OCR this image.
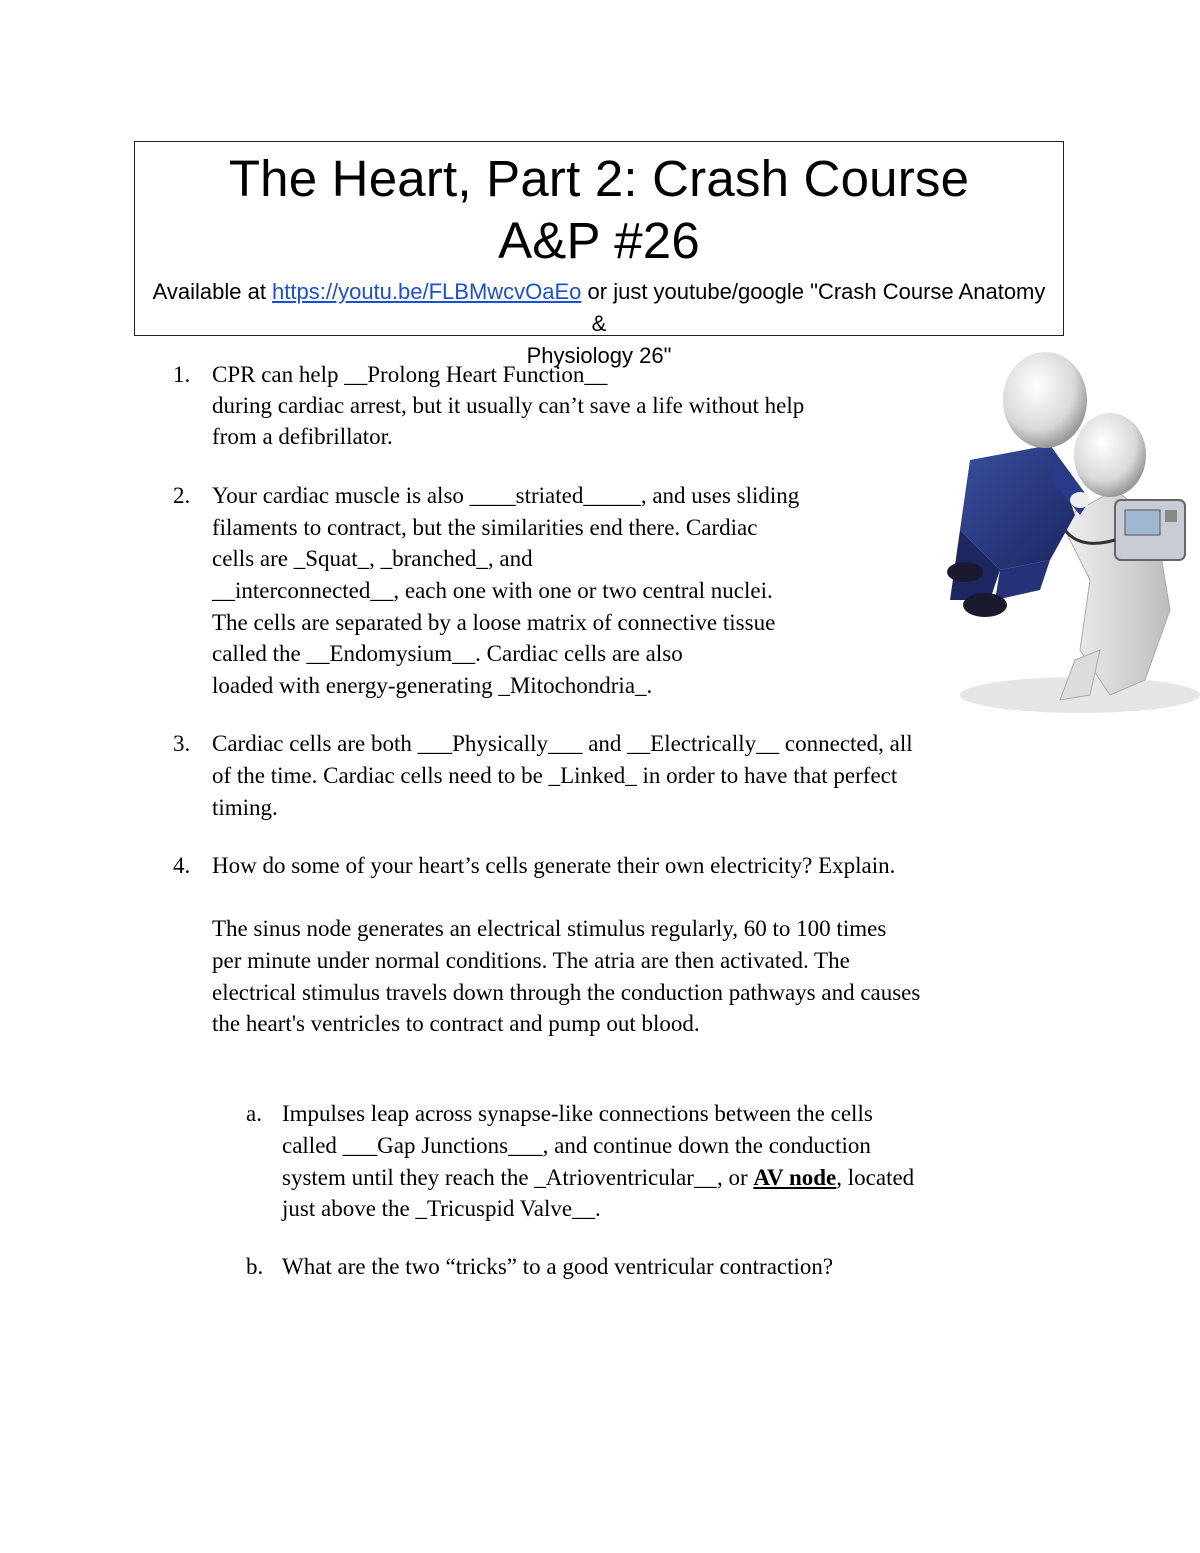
The Heart, Part 2: Crash Course
A&P #26
Available at https://youtu.be/FLBMwcvOaEo or just youtube/google "Crash Course Anatomy &
Physiology 26"
1. CPR can help __Prolong Heart Function__
during cardiac arrest, but it usually can’t save a life without help
from a defibrillator.
2. Your cardiac muscle is also ____striated_____, and uses sliding
filaments to contract, but the similarities end there. Cardiac
cells are _Squat_, _branched_, and
__interconnected__, each one with one or two central nuclei.
The cells are separated by a loose matrix of connective tissue
called the __Endomysium__. Cardiac cells are also
loaded with energy-generating _Mitochondria_.
3. Cardiac cells are both ___Physically___ and __Electrically__ connected, all
of the time. Cardiac cells need to be _Linked_ in order to have that perfect
timing.
4. How do some of your heart’s cells generate their own electricity? Explain.
The sinus node generates an electrical stimulus regularly, 60 to 100 times
per minute under normal conditions. The atria are then activated. The
electrical stimulus travels down through the conduction pathways and causes
the heart's ventricles to contract and pump out blood.
a. Impulses leap across synapse-like connections between the cells
called ___Gap Junctions___, and continue down the conduction
system until they reach the _Atrioventricular__, or AV node, located
just above the _Tricuspid Valve__.
b. What are the two “tricks” to a good ventricular contraction?
